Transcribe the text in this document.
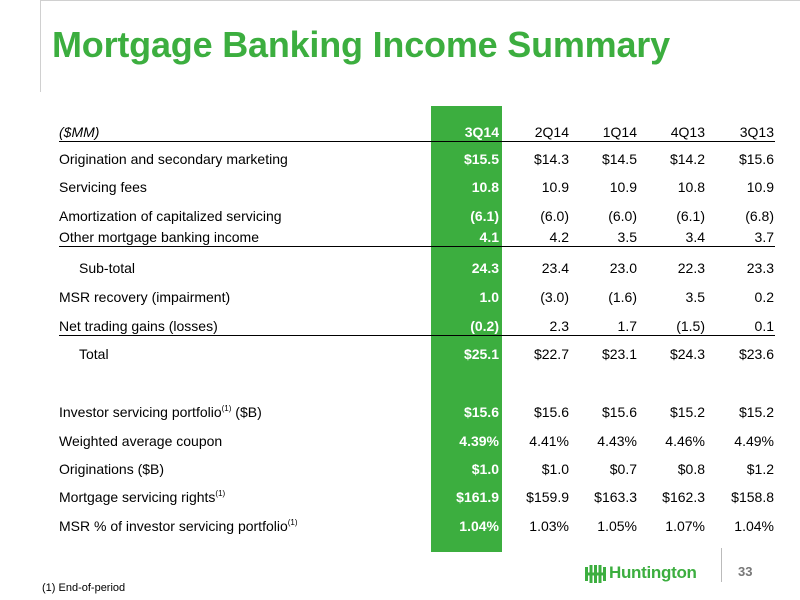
Mortgage Banking Income Summary
($MM)	3Q14	2Q14	1Q14	4Q13	3Q13
Origination and secondary marketing	$15.5	$14.3	$14.5	$14.2	$15.6
Servicing fees	10.8	10.9	10.9	10.8	10.9
Amortization of capitalized servicing	(6.1)	(6.0)	(6.0)	(6.1)	(6.8)
Other mortgage banking income	4.1	4.2	3.5	3.4	3.7
Sub-total	24.3	23.4	23.0	22.3	23.3
MSR recovery (impairment)	1.0	(3.0)	(1.6)	3.5	0.2
Net trading gains (losses)	(0.2)	2.3	1.7	(1.5)	0.1
Total	$25.1	$22.7	$23.1	$24.3	$23.6
Investor servicing portfolio$^{(1)}$ ($B)	$15.6	$15.6	$15.6	$15.2	$15.2
Weighted average coupon	4.39%	4.41%	4.43%	4.46%	4.49%
Originations ($B)	$1.0	$1.0	$0.7	$0.8	$1.2
Mortgage servicing rights$^{(1)}$	$161.9	$159.9	$163.3	$162.3	$158.8
MSR % of investor servicing portfolio$^{(1)}$	1.04%	1.03%	1.05%	1.07%	1.04%
(1) End-of-period
Huntington	33
